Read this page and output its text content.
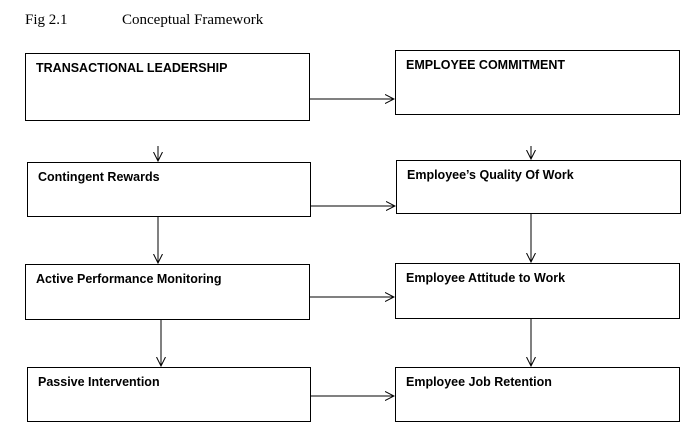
Fig 2.1	Conceptual Framework
TRANSACTIONAL LEADERSHIP
Contingent Rewards
Active Performance Monitoring
Passive Intervention
EMPLOYEE COMMITMENT
Employee’s Quality Of Work
Employee Attitude to Work
Employee Job Retention
